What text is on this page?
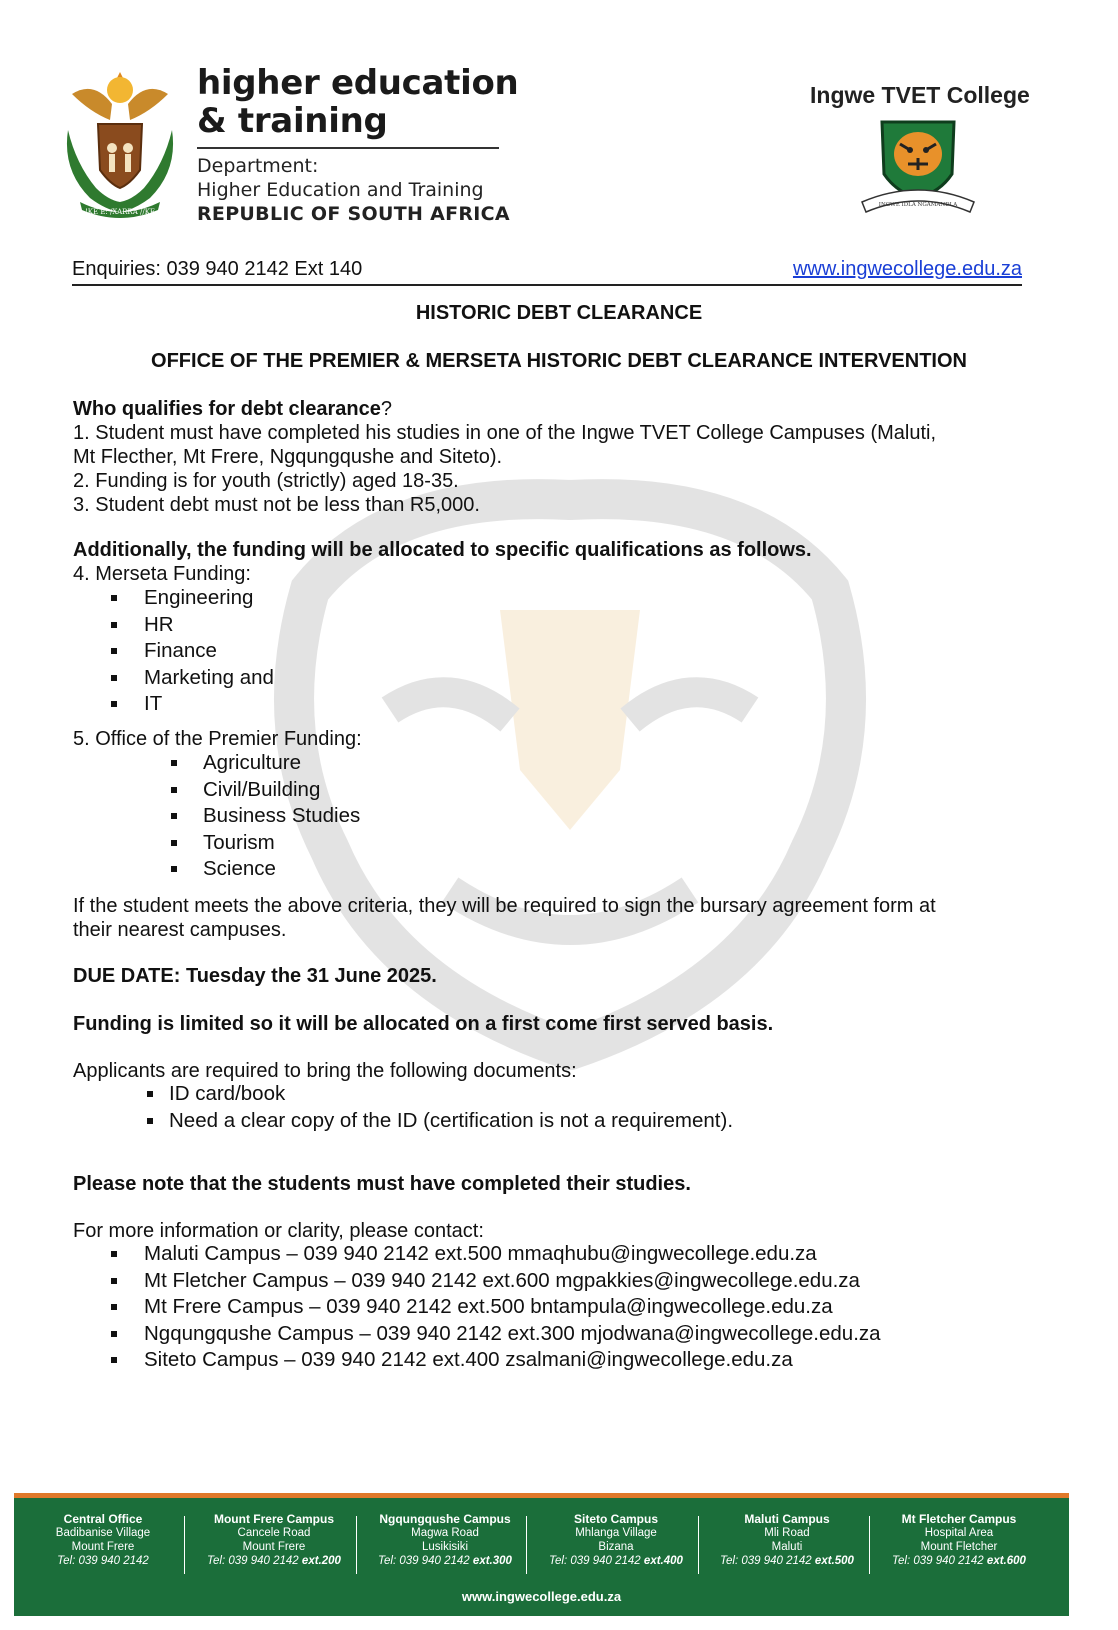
!KE E: /XARRA //KE
higher education
& training
Department:
Higher Education and Training
REPUBLIC OF SOUTH AFRICA
Ingwe TVET College
INGWE IDLA NGAMANDLA
Enquiries: 039 940 2142 Ext 140	www.ingwecollege.edu.za
HISTORIC DEBT CLEARANCE
OFFICE OF THE PREMIER & MERSETA HISTORIC DEBT CLEARANCE INTERVENTION
Who qualifies for debt clearance?
1. Student must have completed his studies in one of the Ingwe TVET College Campuses (Maluti,
Mt Flecther, Mt Frere, Ngqungqushe and Siteto).
2. Funding is for youth (strictly) aged 18-35.
3. Student debt must not be less than R5,000.
Additionally, the funding will be allocated to specific qualifications as follows.
4. Merseta Funding:
Engineering
HR
Finance
Marketing and
IT
5. Office of the Premier Funding:
Agriculture
Civil/Building
Business Studies
Tourism
Science
If the student meets the above criteria, they will be required to sign the bursary agreement form at
their nearest campuses.
DUE DATE: Tuesday the 31 June 2025.
Funding is limited so it will be allocated on a first come first served basis.
Applicants are required to bring the following documents:
ID card/book
Need a clear copy of the ID (certification is not a requirement).
Please note that the students must have completed their studies.
For more information or clarity, please contact:
Maluti Campus – 039 940 2142 ext.500 mmaqhubu@ingwecollege.edu.za
Mt Fletcher Campus – 039 940 2142 ext.600 mgpakkies@ingwecollege.edu.za
Mt Frere Campus – 039 940 2142 ext.500 bntampula@ingwecollege.edu.za
Ngqungqushe Campus – 039 940 2142 ext.300 mjodwana@ingwecollege.edu.za
Siteto Campus – 039 940 2142 ext.400 zsalmani@ingwecollege.edu.za
Central Office
Badibanise Village
Mount Frere
Tel: 039 940 2142
Mount Frere Campus
Cancele Road
Mount Frere
Tel: 039 940 2142 ext.200
Ngqungqushe Campus
Magwa Road
Lusikisiki
Tel: 039 940 2142 ext.300
Siteto Campus
Mhlanga Village
Bizana
Tel: 039 940 2142 ext.400
Maluti Campus
Mli Road
Maluti
Tel: 039 940 2142 ext.500
Mt Fletcher Campus
Hospital Area
Mount Fletcher
Tel: 039 940 2142 ext.600
www.ingwecollege.edu.za
